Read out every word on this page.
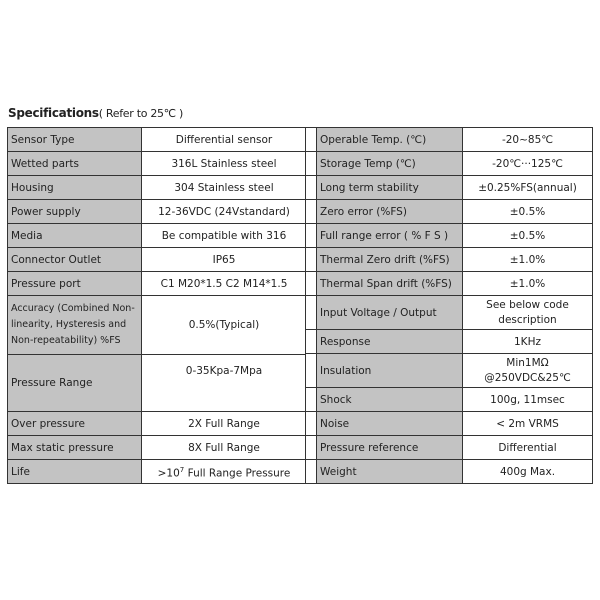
Specifications( Refer to 25℃ )
Sensor Type	Differential sensor
Wetted parts	316L Stainless steel
Housing	304 Stainless steel
Power supply	12-36VDC (24Vstandard)
Media	Be compatible with 316
Connector Outlet	IP65
Pressure port	C1 M20*1.5 C2 M14*1.5
Accuracy (Combined Non-linearity, Hysteresis and Non-repeatability) %FS	0.5%(Typical)
Pressure Range	0-35Kpa-7Mpa
Over pressure	2X Full Range
Max static pressure	8X Full Range
Life	$>10^7$ Full Range Pressure
	Operable Temp. (℃)	-20~85℃
	Storage Temp (℃)	-20℃···125℃
	Long term stability	±0.25%FS(annual)
	Zero error (%FS)	±0.5%
	Full range error ( % F S )	±0.5%
	Thermal Zero drift (%FS)	±1.0%
	Thermal Span drift (%FS)	±1.0%
	Input Voltage / Output	See below code description
	Response	1KHz
	Insulation	Min1MΩ @250VDC&25℃
	Shock	100g, 11msec
	Noise	< 2m VRMS
	Pressure reference	Differential
	Weight	400g Max.
